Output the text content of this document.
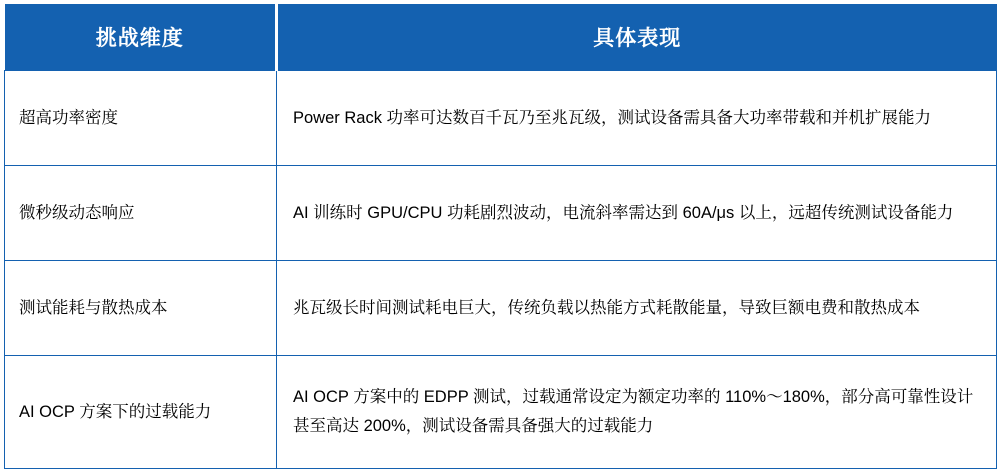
挑战维度	具体表现
超高功率密度	Power Rack 功率可达数百千瓦乃至兆瓦级，测试设备需具备大功率带载和并机扩展能力
微秒级动态响应	AI 训练时 GPU/CPU 功耗剧烈波动，电流斜率需达到 60A/μs 以上，远超传统测试设备能力
测试能耗与散热成本	兆瓦级长时间测试耗电巨大，传统负载以热能方式耗散能量，导致巨额电费和散热成本
AI OCP 方案下的过载能力	AI OCP 方案中的 EDPP 测试，过载通常设定为额定功率的 110%～180%，部分高可靠性设计甚至高达 200%，测试设备需具备强大的过载能力
